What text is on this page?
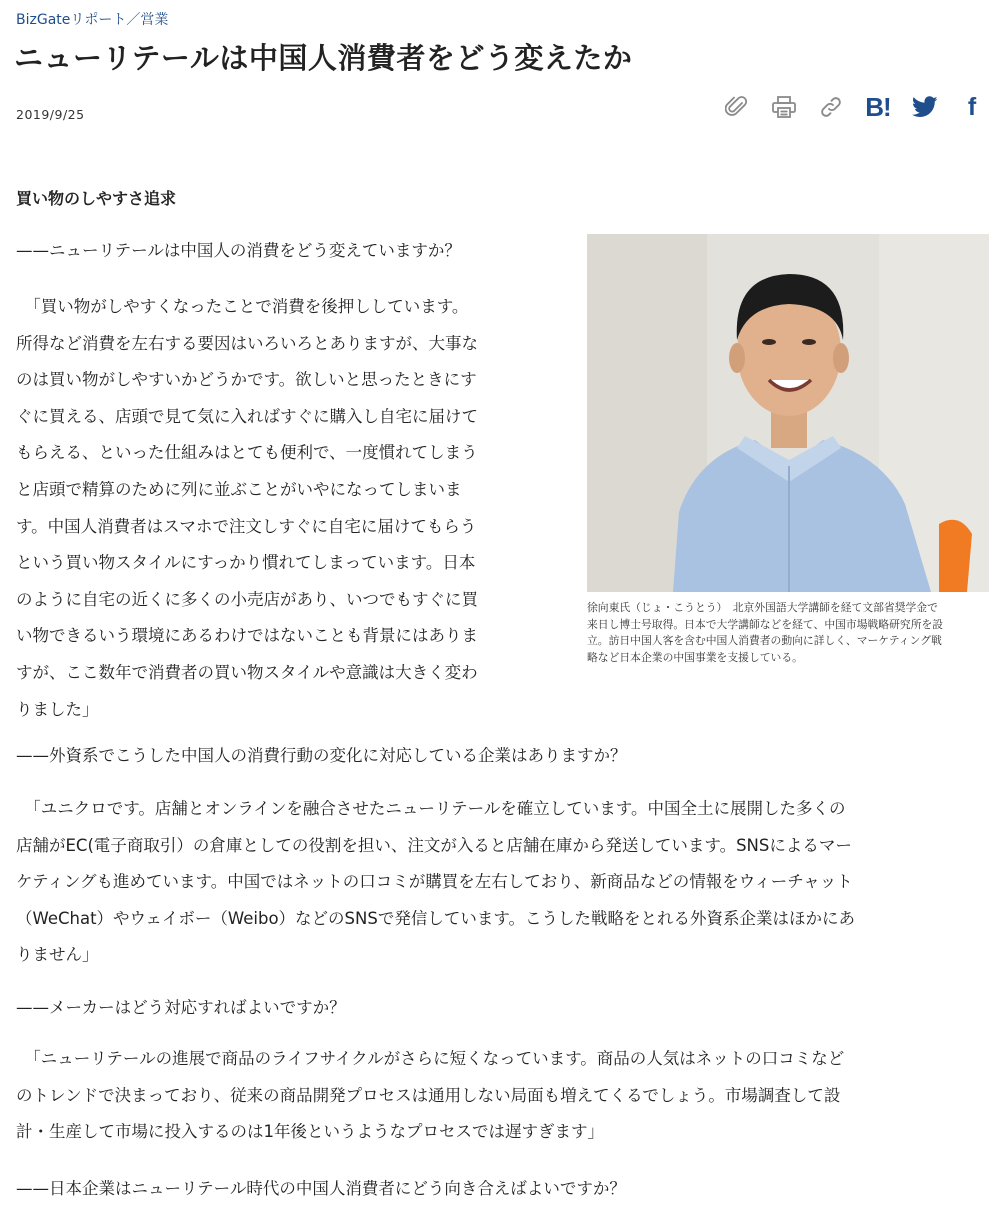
BizGateリポート／営業
ニューリテールは中国人消費者をどう変えたか
2019/9/25	B!	f
買い物のしやすさ追求

——ニューリテールは中国人の消費をどう変えていますか？

　「買い物がしやすくなったことで消費を後押ししています。
所得など消費を左右する要因はいろいろとありますが、大事な
のは買い物がしやすいかどうかです。欲しいと思ったときにす
ぐに買える、店頭で見て気に入ればすぐに購入し自宅に届けて
もらえる、といった仕組みはとても便利で、一度慣れてしまう
と店頭で精算のために列に並ぶことがいやになってしまいま
す。中国人消費者はスマホで注文しすぐに自宅に届けてもらう
という買い物スタイルにすっかり慣れてしまっています。日本
のように自宅の近くに多くの小売店があり、いつでもすぐに買
い物できるいう環境にあるわけではないことも背景にはありま
すが、ここ数年で消費者の買い物スタイルや意識は大きく変わ
りました」
徐向東氏（じょ・こうとう）　北京外国語大学講師を経て文部省奨学金で
来日し博士号取得。日本で大学講師などを経て、中国市場戦略研究所を設
立。訪日中国人客を含む中国人消費者の動向に詳しく、マーケティング戦
略など日本企業の中国事業を支援している。

——外資系でこうした中国人の消費行動の変化に対応している企業はありますか？

　「ユニクロです。店舗とオンラインを融合させたニューリテールを確立しています。中国全土に展開した多くの
店舗がEC(電子商取引）の倉庫としての役割を担い、注文が入ると店舗在庫から発送しています。SNSによるマー
ケティングも進めています。中国ではネットの口コミが購買を左右しており、新商品などの情報をウィーチャット
（WeChat）やウェイボー（Weibo）などのSNSで発信しています。こうした戦略をとれる外資系企業はほかにあ
りません」

——メーカーはどう対応すればよいですか？

　「ニューリテールの進展で商品のライフサイクルがさらに短くなっています。商品の人気はネットの口コミなど
のトレンドで決まっており、従来の商品開発プロセスは通用しない局面も増えてくるでしょう。市場調査して設
計・生産して市場に投入するのは1年後というようなプロセスでは遅すぎます」

——日本企業はニューリテール時代の中国人消費者にどう向き合えばよいですか？
